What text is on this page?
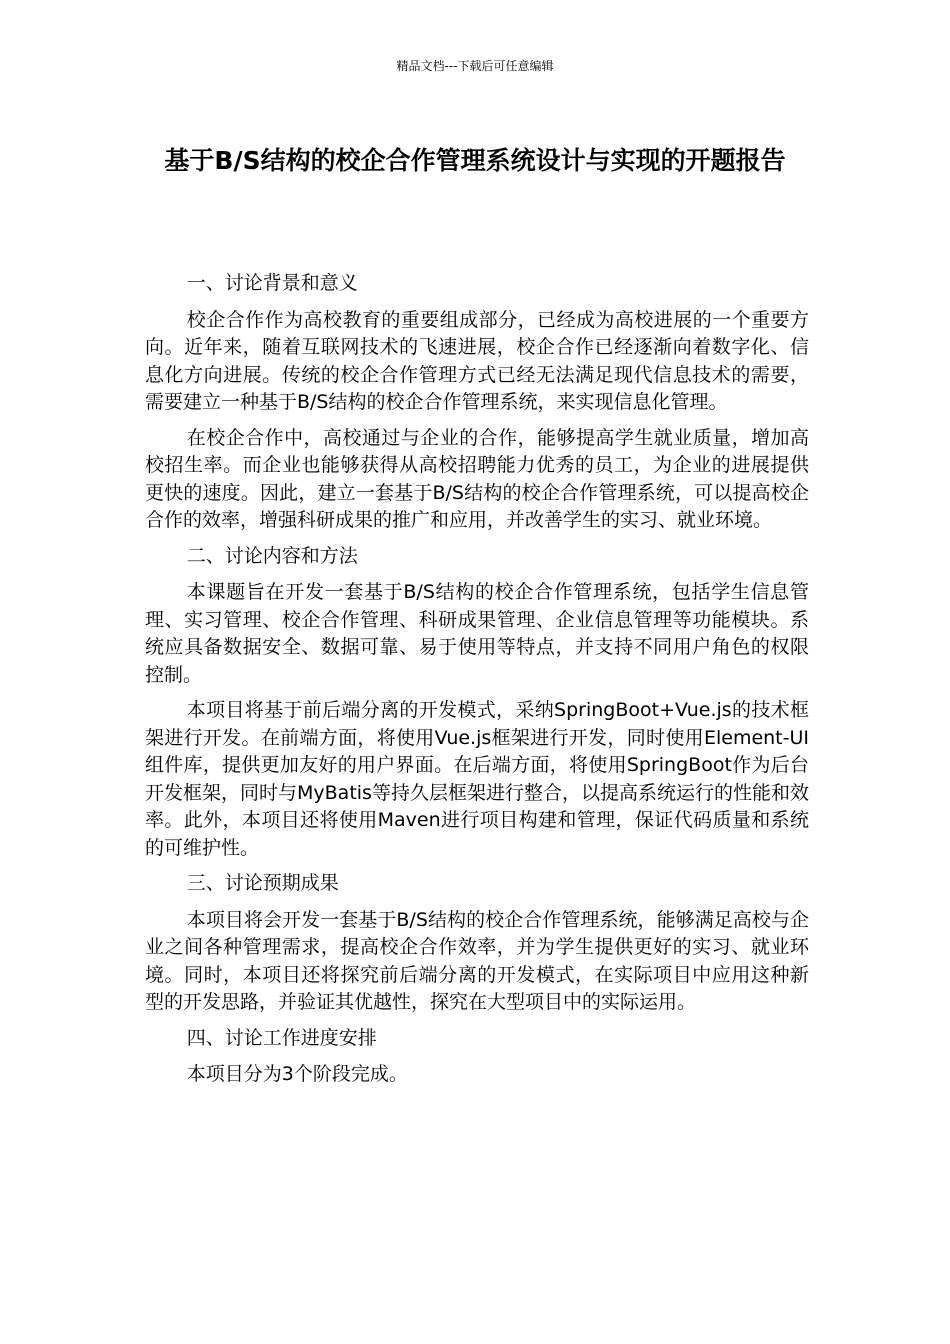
精品文档---下载后可任意编辑
基于B/S结构的校企合作管理系统设计与实现的开题报告

一、讨论背景和意义

校企合作作为高校教育的重要组成部分，已经成为高校进展的一个重要方向。近年来，随着互联网技术的飞速进展，校企合作已经逐渐向着数字化、信息化方向进展。传统的校企合作管理方式已经无法满足现代信息技术的需要，需要建立一种基于B/S结构的校企合作管理系统，来实现信息化管理。

在校企合作中，高校通过与企业的合作，能够提高学生就业质量，增加高校招生率。而企业也能够获得从高校招聘能力优秀的员工，为企业的进展提供更快的速度。因此，建立一套基于B/S结构的校企合作管理系统，可以提高校企合作的效率，增强科研成果的推广和应用，并改善学生的实习、就业环境。

二、讨论内容和方法

本课题旨在开发一套基于B/S结构的校企合作管理系统，包括学生信息管理、实习管理、校企合作管理、科研成果管理、企业信息管理等功能模块。系统应具备数据安全、数据可靠、易于使用等特点，并支持不同用户角色的权限控制。

本项目将基于前后端分离的开发模式，采纳SpringBoot+Vue.js的技术框架进行开发。在前端方面，将使用Vue.js框架进行开发，同时使用Element-UI组件库，提供更加友好的用户界面。在后端方面，将使用SpringBoot作为后台开发框架，同时与MyBatis等持久层框架进行整合，以提高系统运行的性能和效率。此外，本项目还将使用Maven进行项目构建和管理，保证代码质量和系统的可维护性。

三、讨论预期成果

本项目将会开发一套基于B/S结构的校企合作管理系统，能够满足高校与企业之间各种管理需求，提高校企合作效率，并为学生提供更好的实习、就业环境。同时，本项目还将探究前后端分离的开发模式，在实际项目中应用这种新型的开发思路，并验证其优越性，探究在大型项目中的实际运用。

四、讨论工作进度安排

本项目分为3个阶段完成。
